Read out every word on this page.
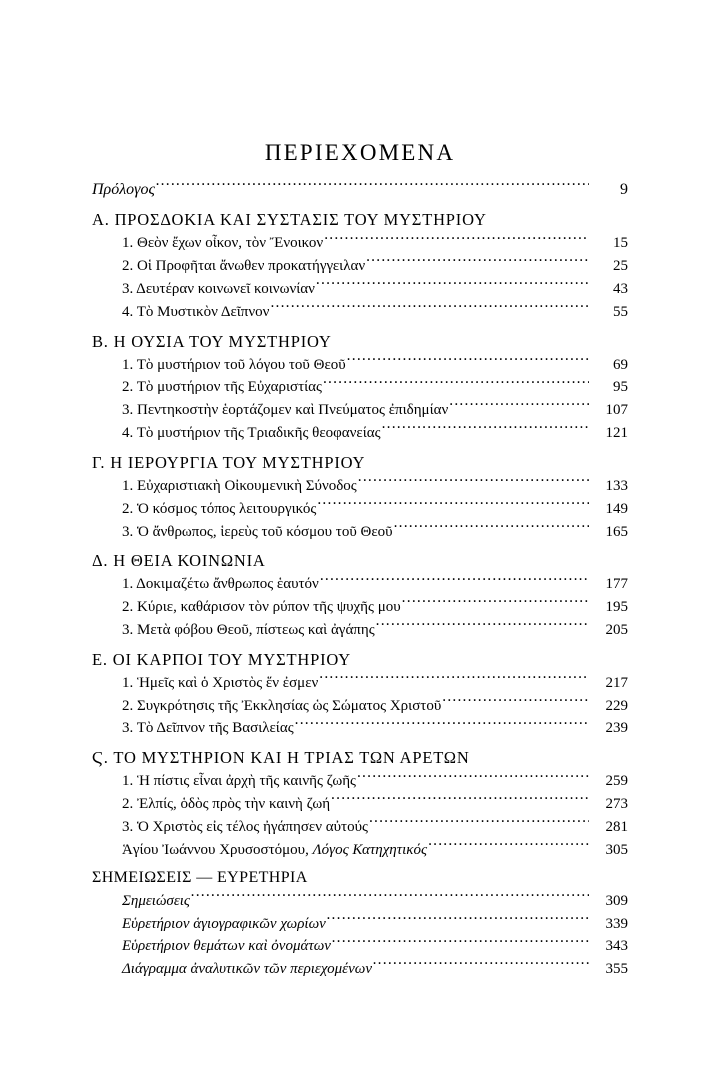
ΠΕΡΙΕΧΟΜΕΝΑ
Πρόλογος .....	9
Α. ΠΡΟΣΔΟΚΙΑ ΚΑΙ ΣΥΣΤΑΣΙΣ ΤΟΥ ΜΥΣΤΗΡΙΟΥ
1. Θεὸν ἔχων οἶκον, τὸν Ἔνοικον .....	15
2. Οἱ Προφῆται ἄνωθεν προκατήγγειλαν .....	25
3. Δευτέραν κοινωνεῖ κοινωνίαν .....	43
4. Τὸ Μυστικὸν Δεῖπνον .....	55
Β. Η ΟΥΣΙΑ ΤΟΥ ΜΥΣΤΗΡΙΟΥ
1. Τὸ μυστήριον τοῦ λόγου τοῦ Θεοῦ .....	69
2. Τὸ μυστήριον τῆς Εὐχαριστίας .....	95
3. Πεντηκοστὴν ἑορτάζομεν καὶ Πνεύματος ἐπιδημίαν .....	107
4. Τὸ μυστήριον τῆς Τριαδικῆς θεοφανείας .....	121
Γ. Η ΙΕΡΟΥΡΓΙΑ ΤΟΥ ΜΥΣΤΗΡΙΟΥ
1. Εὐχαριστιακὴ Οἰκουμενικὴ Σύνοδος .....	133
2. Ὁ κόσμος τόπος λειτουργικός .....	149
3. Ὁ ἄνθρωπος, ἱερεὺς τοῦ κόσμου τοῦ Θεοῦ .....	165
Δ. Η ΘΕΙΑ ΚΟΙΝΩΝΙΑ
1. Δοκιμαζέτω ἄνθρωπος ἑαυτόν .....	177
2. Κύριε, καθάρισον τὸν ρύπον τῆς ψυχῆς μου .....	195
3. Μετὰ φόβου Θεοῦ, πίστεως καὶ ἀγάπης .....	205
Ε. ΟΙ ΚΑΡΠΟΙ ΤΟΥ ΜΥΣΤΗΡΙΟΥ
1. Ἡμεῖς καὶ ὁ Χριστὸς ἕν ἐσμεν .....	217
2. Συγκρότησις τῆς Ἐκκλησίας ὡς Σώματος Χριστοῦ .....	229
3. Τὸ Δεῖπνον τῆς Βασιλείας .....	239
Ϛ. ΤΟ ΜΥΣΤΗΡΙΟΝ ΚΑΙ Η ΤΡΙΑΣ ΤΩΝ ΑΡΕΤΩΝ
1. Ἡ πίστις εἶναι ἀρχὴ τῆς καινῆς ζωῆς .....	259
2. Ἐλπίς, ὁδὸς πρὸς τὴν καινὴ ζωή .....	273
3. Ὁ Χριστὸς εἰς τέλος ἠγάπησεν αὐτούς .....	281
Ἁγίου Ἰωάννου Χρυσοστόμου, Λόγος Κατηχητικός .....	305
ΣΗΜΕΙΩΣΕΙΣ — ΕΥΡΕΤΗΡΙΑ
Σημειώσεις .....	309
Εὑρετήριον ἁγιογραφικῶν χωρίων .....	339
Εὑρετήριον θεμάτων καὶ ὀνομάτων .....	343
Διάγραμμα ἀναλυτικῶν τῶν περιεχομένων .....	355
